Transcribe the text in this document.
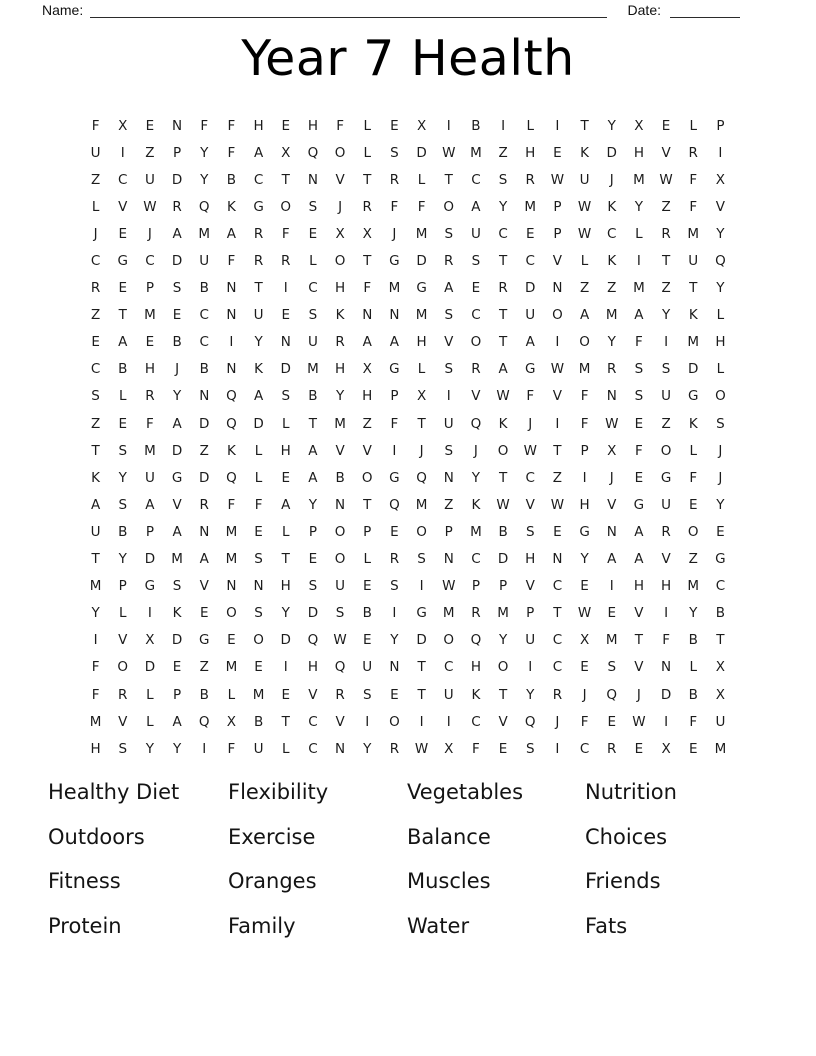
Name:	Date:
Year 7 Health
F	X	E	N	F	F	H	E	H	F	L	E	X	I	B	I	L	I	T	Y	X	E	L	P
U	I	Z	P	Y	F	A	X	Q	O	L	S	D	W	M	Z	H	E	K	D	H	V	R	I
Z	C	U	D	Y	B	C	T	N	V	T	R	L	T	C	S	R	W	U	J	M	W	F	X
L	V	W	R	Q	K	G	O	S	J	R	F	F	O	A	Y	M	P	W	K	Y	Z	F	V
J	E	J	A	M	A	R	F	E	X	X	J	M	S	U	C	E	P	W	C	L	R	M	Y
C	G	C	D	U	F	R	R	L	O	T	G	D	R	S	T	C	V	L	K	I	T	U	Q
R	E	P	S	B	N	T	I	C	H	F	M	G	A	E	R	D	N	Z	Z	M	Z	T	Y
Z	T	M	E	C	N	U	E	S	K	N	N	M	S	C	T	U	O	A	M	A	Y	K	L
E	A	E	B	C	I	Y	N	U	R	A	A	H	V	O	T	A	I	O	Y	F	I	M	H
C	B	H	J	B	N	K	D	M	H	X	G	L	S	R	A	G	W	M	R	S	S	D	L
S	L	R	Y	N	Q	A	S	B	Y	H	P	X	I	V	W	F	V	F	N	S	U	G	O
Z	E	F	A	D	Q	D	L	T	M	Z	F	T	U	Q	K	J	I	F	W	E	Z	K	S
T	S	M	D	Z	K	L	H	A	V	V	I	J	S	J	O	W	T	P	X	F	O	L	J
K	Y	U	G	D	Q	L	E	A	B	O	G	Q	N	Y	T	C	Z	I	J	E	G	F	J
A	S	A	V	R	F	F	A	Y	N	T	Q	M	Z	K	W	V	W	H	V	G	U	E	Y
U	B	P	A	N	M	E	L	P	O	P	E	O	P	M	B	S	E	G	N	A	R	O	E
T	Y	D	M	A	M	S	T	E	O	L	R	S	N	C	D	H	N	Y	A	A	V	Z	G
M	P	G	S	V	N	N	H	S	U	E	S	I	W	P	P	V	C	E	I	H	H	M	C
Y	L	I	K	E	O	S	Y	D	S	B	I	G	M	R	M	P	T	W	E	V	I	Y	B
I	V	X	D	G	E	O	D	Q	W	E	Y	D	O	Q	Y	U	C	X	M	T	F	B	T
F	O	D	E	Z	M	E	I	H	Q	U	N	T	C	H	O	I	C	E	S	V	N	L	X
F	R	L	P	B	L	M	E	V	R	S	E	T	U	K	T	Y	R	J	Q	J	D	B	X
M	V	L	A	Q	X	B	T	C	V	I	O	I	I	C	V	Q	J	F	E	W	I	F	U
H	S	Y	Y	I	F	U	L	C	N	Y	R	W	X	F	E	S	I	C	R	E	X	E	M
Healthy Diet	Flexibility	Vegetables	Nutrition
Outdoors	Exercise	Balance	Choices
Fitness	Oranges	Muscles	Friends
Protein	Family	Water	Fats
